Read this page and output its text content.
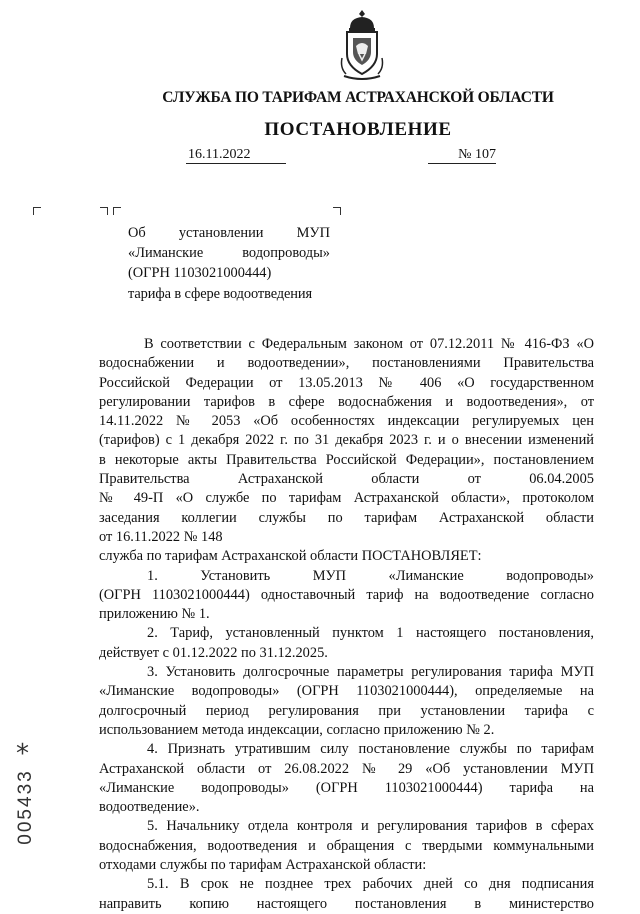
СЛУЖБА ПО ТАРИФАМ АСТРАХАНСКОЙ ОБЛАСТИ
ПОСТАНОВЛЕНИЕ
16.11.2022	№ 107
Об установлении МУП
«Лиманские водопроводы»
(ОГРН 1103021000444)
тарифа в сфере водоотведения
В соответствии с Федеральным законом от 07.12.2011 № 416-ФЗ «О
водоснабжении и водоотведении», постановлениями Правительства
Российской Федерации от 13.05.2013 № 406 «О государственном
регулировании тарифов в сфере водоснабжения и водоотведения», от
14.11.2022 № 2053 «Об особенностях индексации регулируемых цен
(тарифов) с 1 декабря 2022 г. по 31 декабря 2023 г. и о внесении изменений
в некоторые акты Правительства Российской Федерации», постановлением
Правительства Астраханской области от 06.04.2005
№ 49-П «О службе по тарифам Астраханской области», протоколом
заседания коллегии службы по тарифам Астраханской области
от 16.11.2022 № 148
служба по тарифам Астраханской области ПОСТАНОВЛЯЕТ:
1. Установить МУП «Лиманские водопроводы»
(ОГРН 1103021000444) одноставочный тариф на водоотведение согласно
приложению № 1.
2. Тариф, установленный пунктом 1 настоящего постановления,
действует с 01.12.2022 по 31.12.2025.
3. Установить долгосрочные параметры регулирования тарифа МУП
«Лиманские водопроводы» (ОГРН 1103021000444), определяемые на
долгосрочный период регулирования при установлении тарифа с
использованием метода индексации, согласно приложению № 2.
4. Признать утратившим силу постановление службы по тарифам
Астраханской области от 26.08.2022 № 29 «Об установлении МУП
«Лиманские водопроводы» (ОГРН 1103021000444) тарифа на
водоотведение».
5. Начальнику отдела контроля и регулирования тарифов в сферах
водоснабжения, водоотведения и обращения с твердыми коммунальными
отходами службы по тарифам Астраханской области:
5.1. В срок не позднее трех рабочих дней со дня подписания
направить копию настоящего постановления в министерство
*
005433
